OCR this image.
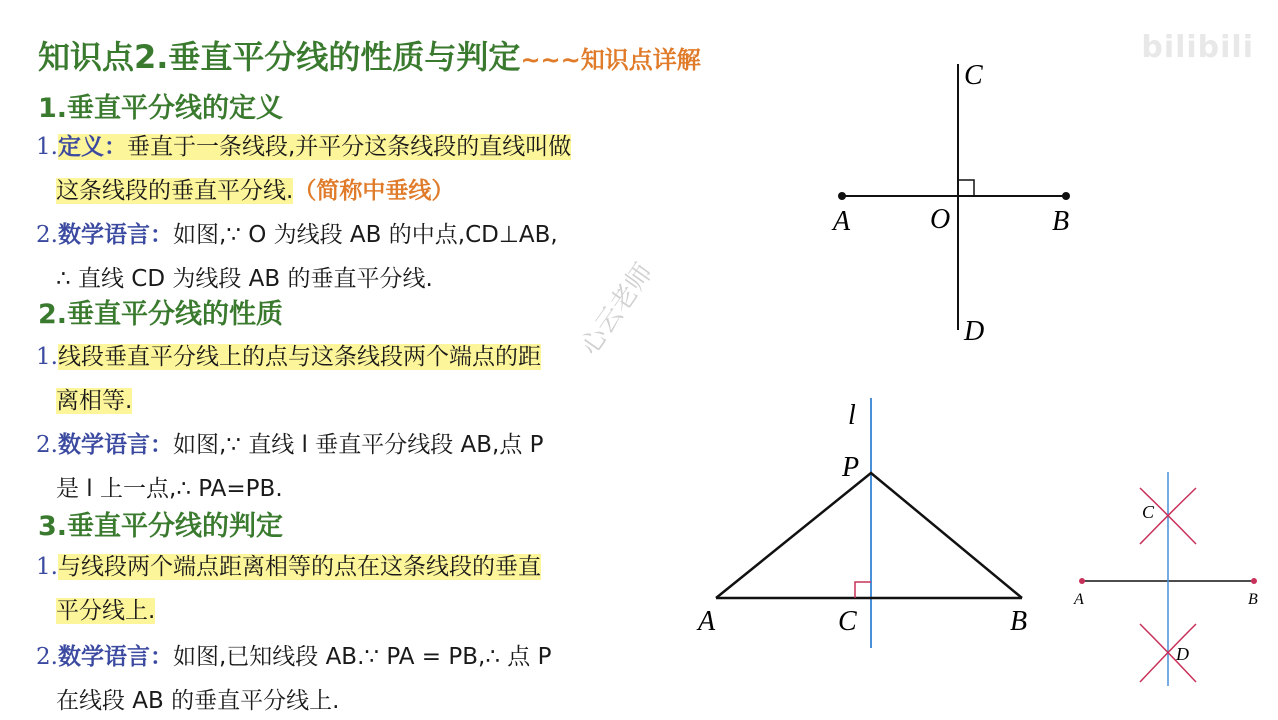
知识点2.垂直平分线的性质与判定~~~知识点详解	bilibili
心云老师
1.垂直平分线的定义
1.定义：垂直于一条线段,并平分这条线段的直线叫做
这条线段的垂直平分线.（简称中垂线）
2.数学语言：如图,∵ O 为线段 AB 的中点,CD⊥AB,
∴ 直线 CD 为线段 AB 的垂直平分线.
2.垂直平分线的性质
1.线段垂直平分线上的点与这条线段两个端点的距
离相等.
2.数学语言：如图,∵ 直线 l 垂直平分线段 AB,点 P
是 l 上一点,∴ PA=PB.
3.垂直平分线的判定
1.与线段两个端点距离相等的点在这条线段的垂直
平分线上.
2.数学语言：如图,已知线段 AB.∵ PA = PB,∴ 点 P
在线段 AB 的垂直平分线上.
A	B
O
C
D
l
P
A	C	B
A	B
C
D
